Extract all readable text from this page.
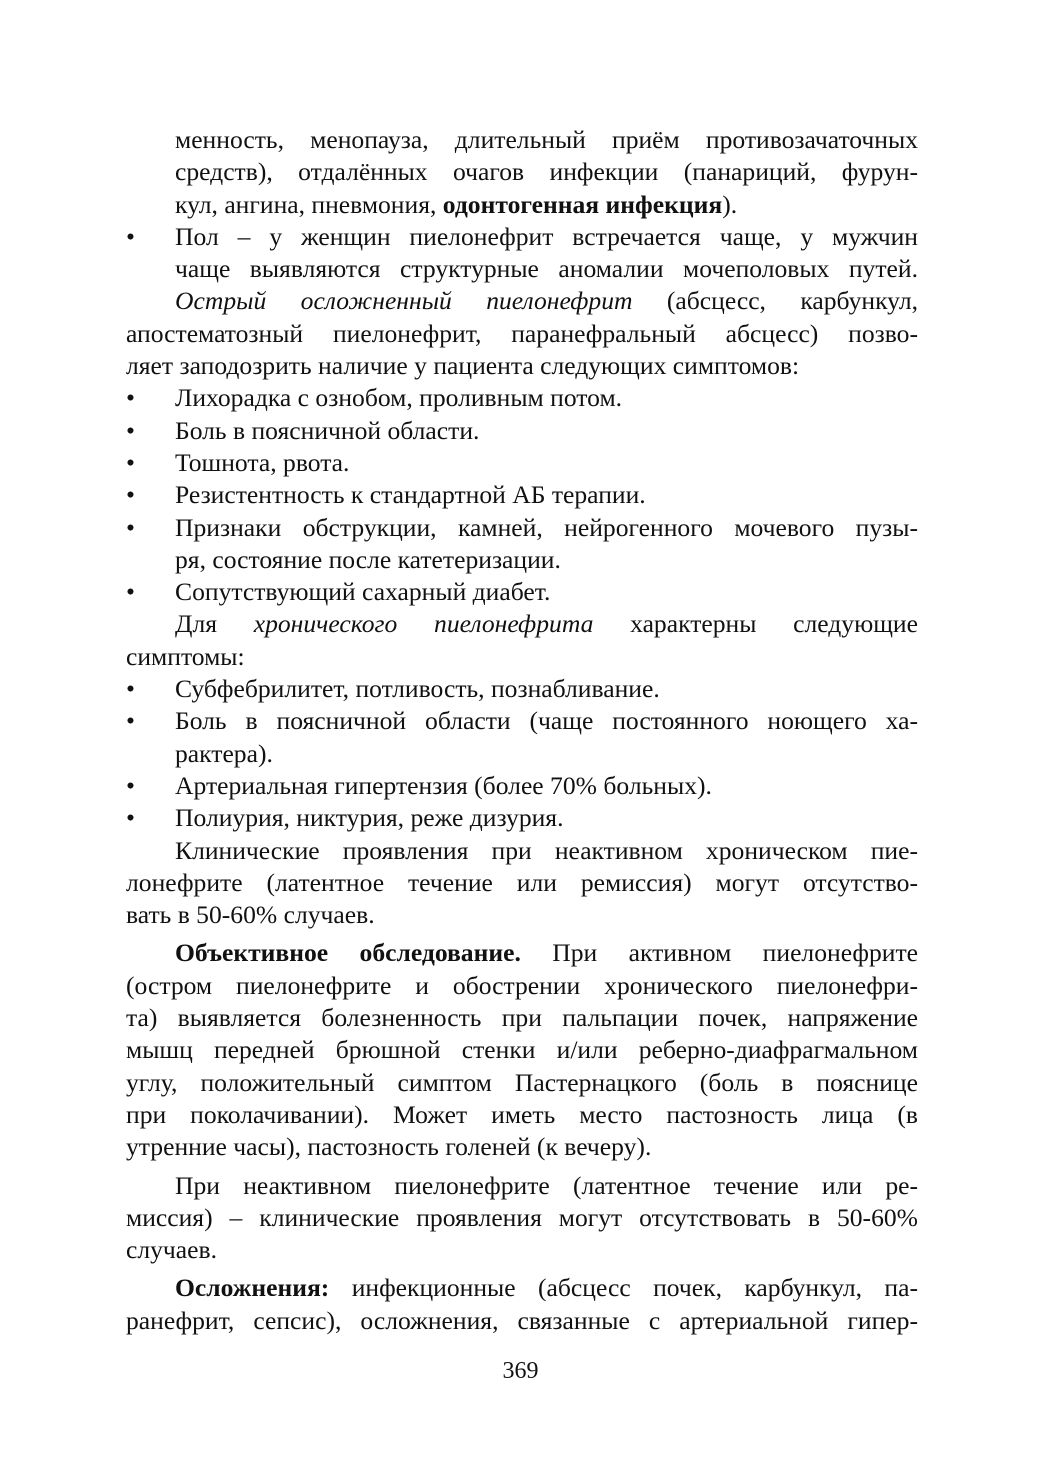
менность, менопауза, длительный приём противозачаточных
средств), отдалённых очагов инфекции (панариций, фурун-
кул, ангина, пневмония, одонтогенная инфекция).
• Пол – у женщин пиелонефрит встречается чаще, у мужчин
чаще выявляются структурные аномалии мочеполовых путей.
Острый осложненный пиелонефрит (абсцесс, карбункул,
апостематозный пиелонефрит, паранефральный абсцесс) позво-
ляет заподозрить наличие у пациента следующих симптомов:
• Лихорадка с ознобом, проливным потом.
• Боль в поясничной области.
• Тошнота, рвота.
• Резистентность к стандартной АБ терапии.
• Признаки обструкции, камней, нейрогенного мочевого пузы-
ря, состояние после катетеризации.
• Сопутствующий сахарный диабет.
Для хронического пиелонефрита характерны следующие
симптомы:
• Субфебрилитет, потливость, познабливание.
• Боль в поясничной области (чаще постоянного ноющего ха-
рактера).
• Артериальная гипертензия (более 70% больных).
• Полиурия, никтурия, реже дизурия.
Клинические проявления при неактивном хроническом пие-
лонефрите (латентное течение или ремиссия) могут отсутство-
вать в 50-60% случаев.
Объективное обследование. При активном пиелонефрите
(остром пиелонефрите и обострении хронического пиелонефри-
та) выявляется болезненность при пальпации почек, напряжение
мышц передней брюшной стенки и/или реберно-диафрагмальном
углу, положительный симптом Пастернацкого (боль в пояснице
при поколачивании). Может иметь место пастозность лица (в
утренние часы), пастозность голеней (к вечеру).
При неактивном пиелонефрите (латентное течение или ре-
миссия) – клинические проявления могут отсутствовать в 50-60%
случаев.
Осложнения: инфекционные (абсцесс почек, карбункул, па-
ранефрит, сепсис), осложнения, связанные с артериальной гипер-
369
